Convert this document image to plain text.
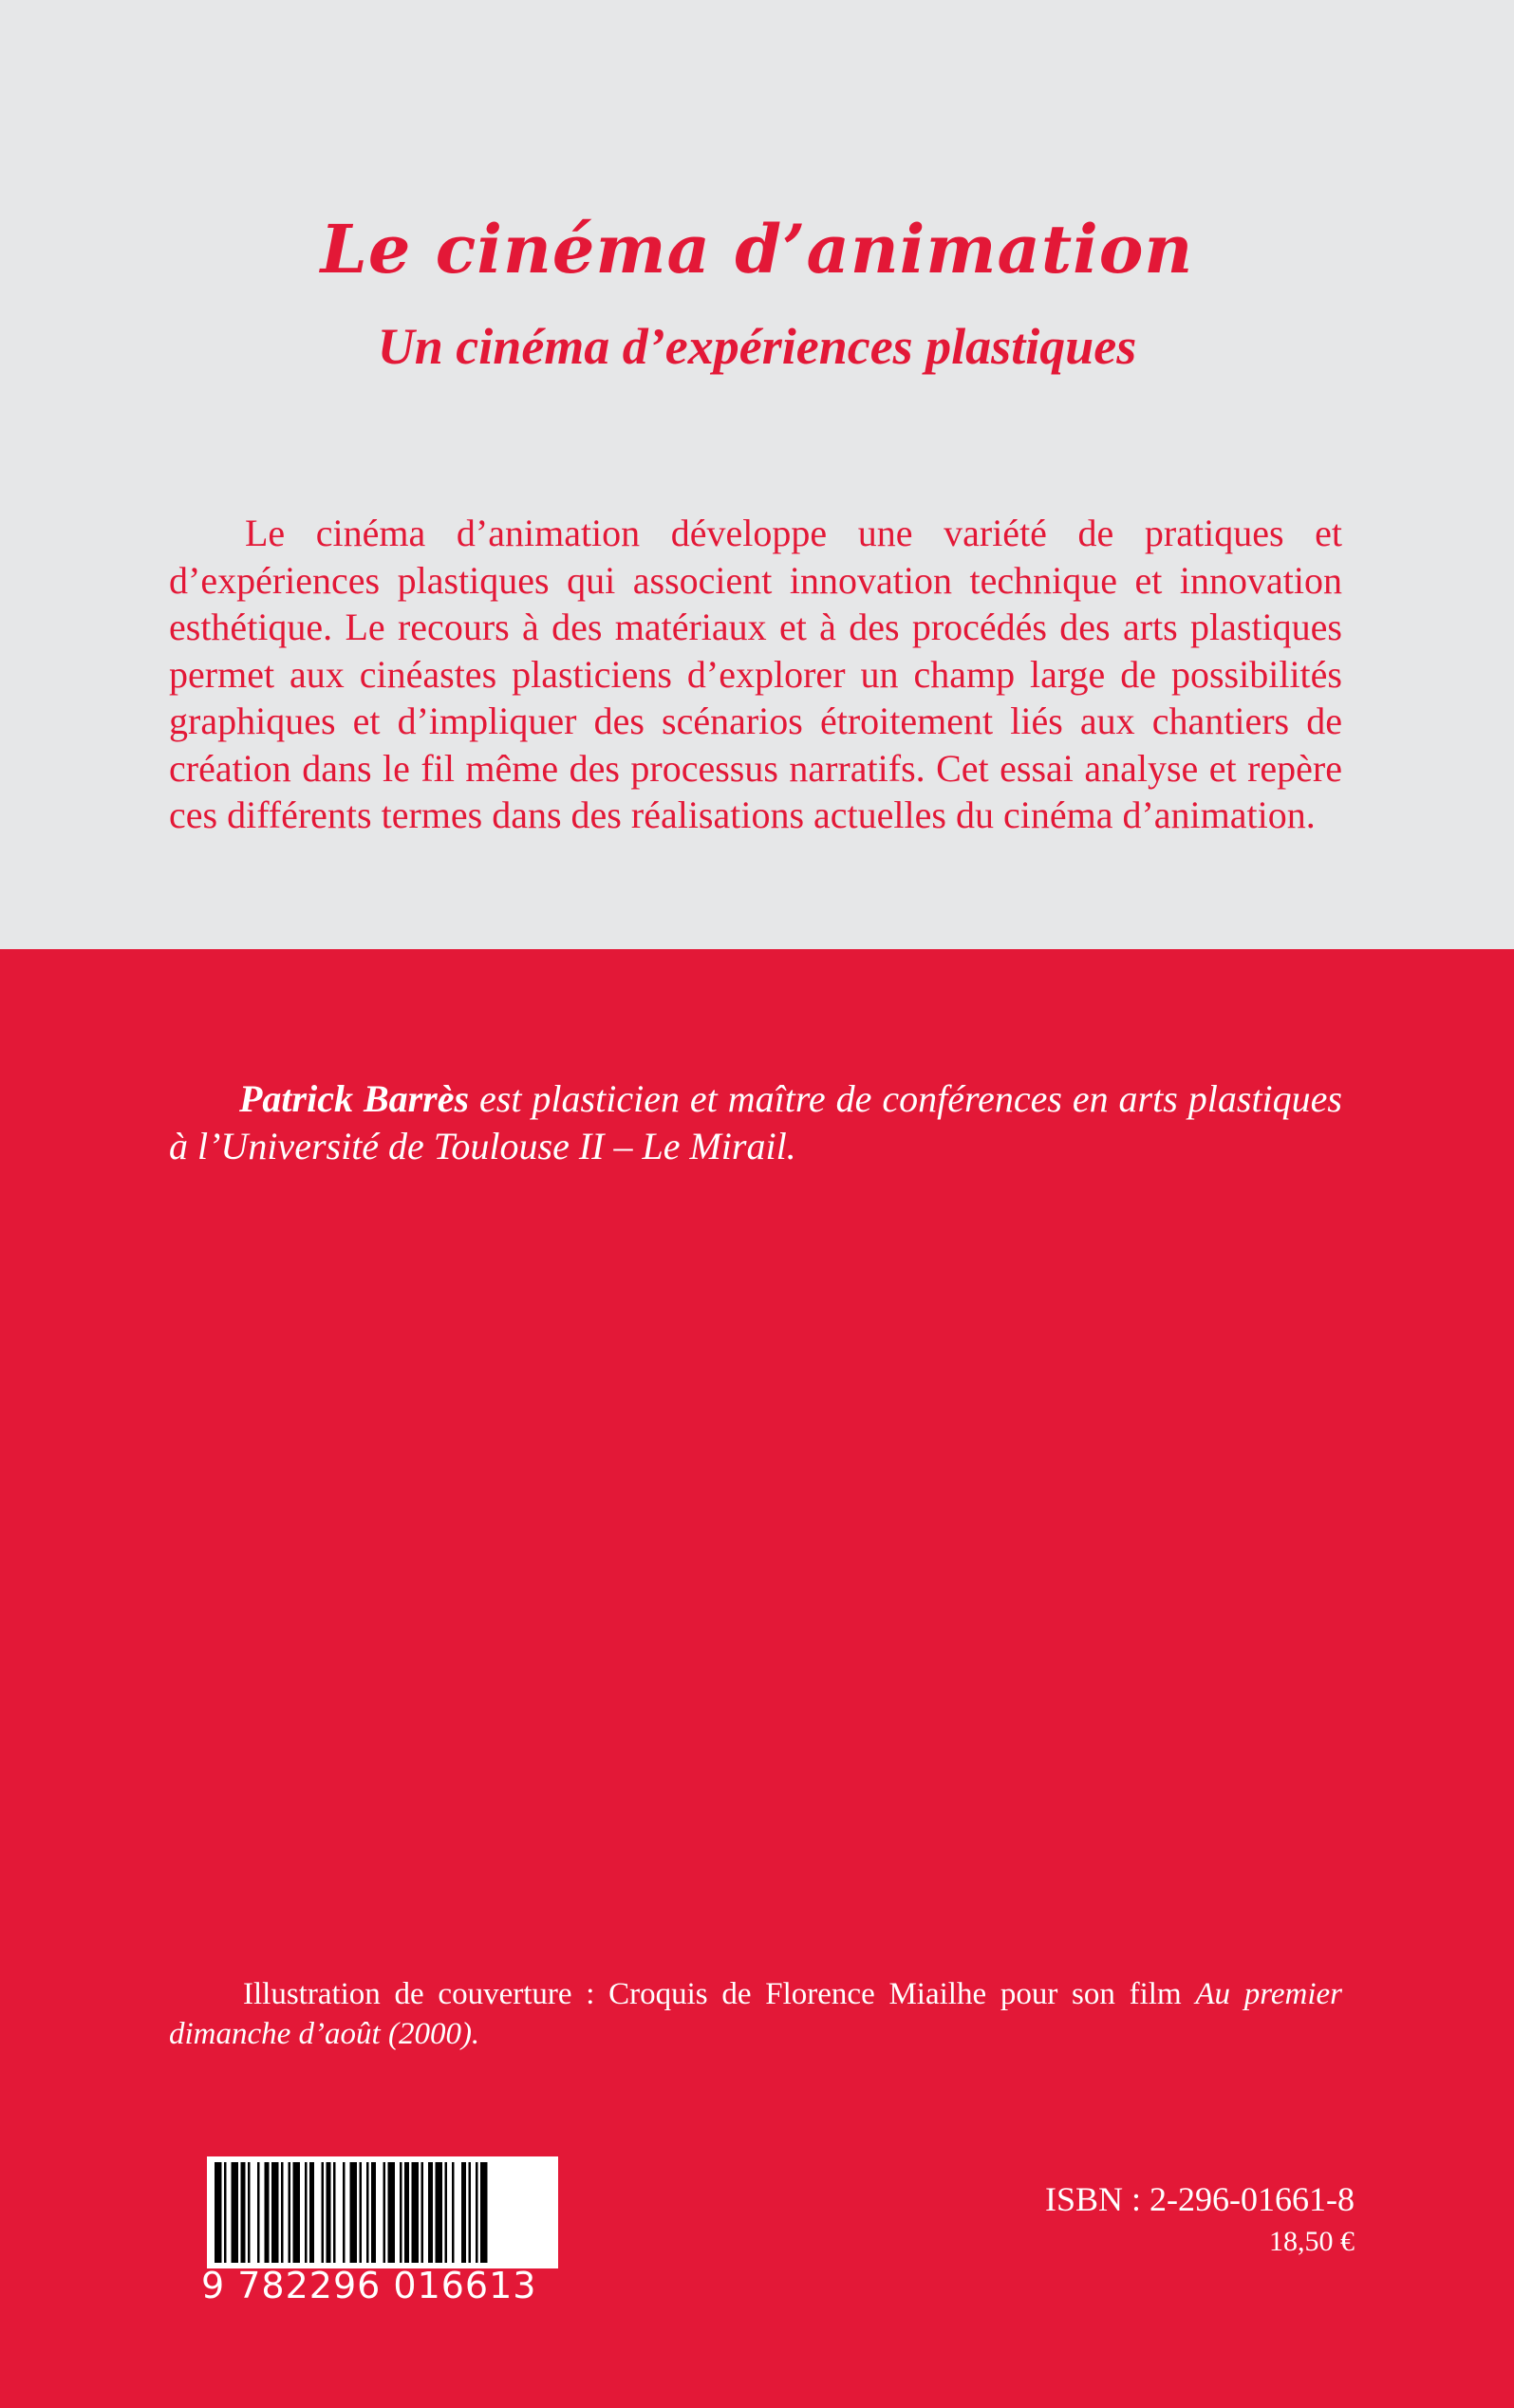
Le cinéma d’animation
Un cinéma d’expériences plastiques

Le cinéma d’animation développe une variété de pratiques et d’expériences plastiques qui associent innovation technique et innovation esthétique. Le recours à des matériaux et à des procédés des arts plastiques permet aux cinéastes plasticiens d’explorer un champ large de possibilités graphiques et d’impliquer des scénarios étroitement liés aux chantiers de création dans le fil même des processus narratifs. Cet essai analyse et repère ces différents termes dans des réalisations actuelles du cinéma d’animation.

Patrick Barrès est plasticien et maître de conférences en arts plastiques à l’Université de Toulouse II – Le Mirail.

Illustration de couverture : Croquis de Florence Miailhe pour son film Au premier dimanche d’août (2000).

9 782296 016613
ISBN : 2-296-01661-8
18,50 €
